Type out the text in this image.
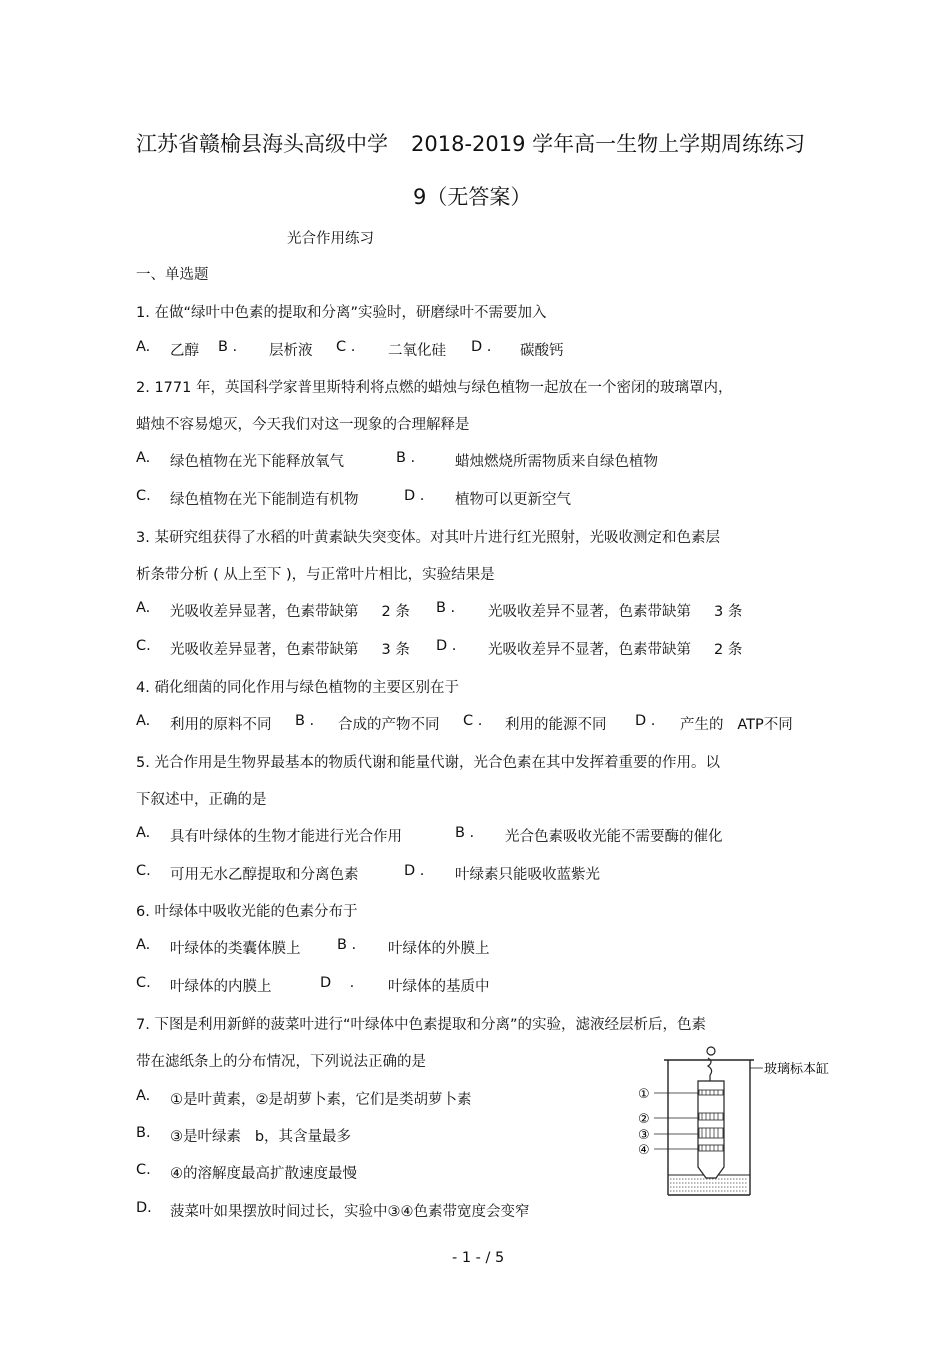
江苏省赣榆县海头高级中学 2018-2019 学年高一生物上学期周练练习
9（无答案）
光合作用练习
一、单选题
1. 在做“绿叶中色素的提取和分离”实验时，研磨绿叶不需要加入
A. 乙醇 B . 层析液 C . 二氧化硅 D . 碳酸钙
2. 1771 年，英国科学家普里斯特利将点燃的蜡烛与绿色植物一起放在一个密闭的玻璃罩内，
蜡烛不容易熄灭，今天我们对这一现象的合理解释是
A. 绿色植物在光下能释放氧气	B .	蜡烛燃烧所需物质来自绿色植物
C. 绿色植物在光下能制造有机物	D . 植物可以更新空气
3. 某研究组获得了水稻的叶黄素缺失突变体。对其叶片进行红光照射，光吸收测定和色素层
析条带分析 ( 从上至下 )，与正常叶片相比，实验结果是
A. 光吸收差异显著，色素带缺第     2 条 B . 光吸收差异不显著，色素带缺第     3 条
C. 光吸收差异显著，色素带缺第     3 条 D . 光吸收差异不显著，色素带缺第     2 条
4. 硝化细菌的同化作用与绿色植物的主要区别在于
A. 利用的原料不同 B . 合成的产物不同 C . 利用的能源不同 D . 产生的   ATP不同
5. 光合作用是生物界最基本的物质代谢和能量代谢，光合色素在其中发挥着重要的作用。以
下叙述中，正确的是
A. 具有叶绿体的生物才能进行光合作用	B . 光合色素吸收光能不需要酶的催化
C. 可用无水乙醇提取和分离色素	D . 叶绿素只能吸收蓝紫光
6. 叶绿体中吸收光能的色素分布于
A. 叶绿体的类囊体膜上	B . 叶绿体的外膜上
C. 叶绿体的内膜上	D    . 叶绿体的基质中
7. 下图是利用新鲜的菠菜叶进行“叶绿体中色素提取和分离”的实验，滤液经层析后，色素
带在滤纸条上的分布情况，下列说法正确的是
A. ①是叶黄素，②是胡萝卜素，它们是类胡萝卜素
B. ③是叶绿素   b，其含量最多
C. ④的溶解度最高扩散速度最慢
D. 菠菜叶如果摆放时间过长，实验中③④色素带宽度会变窄
①
②
③
④
玻璃标本缸
- 1 - / 5
